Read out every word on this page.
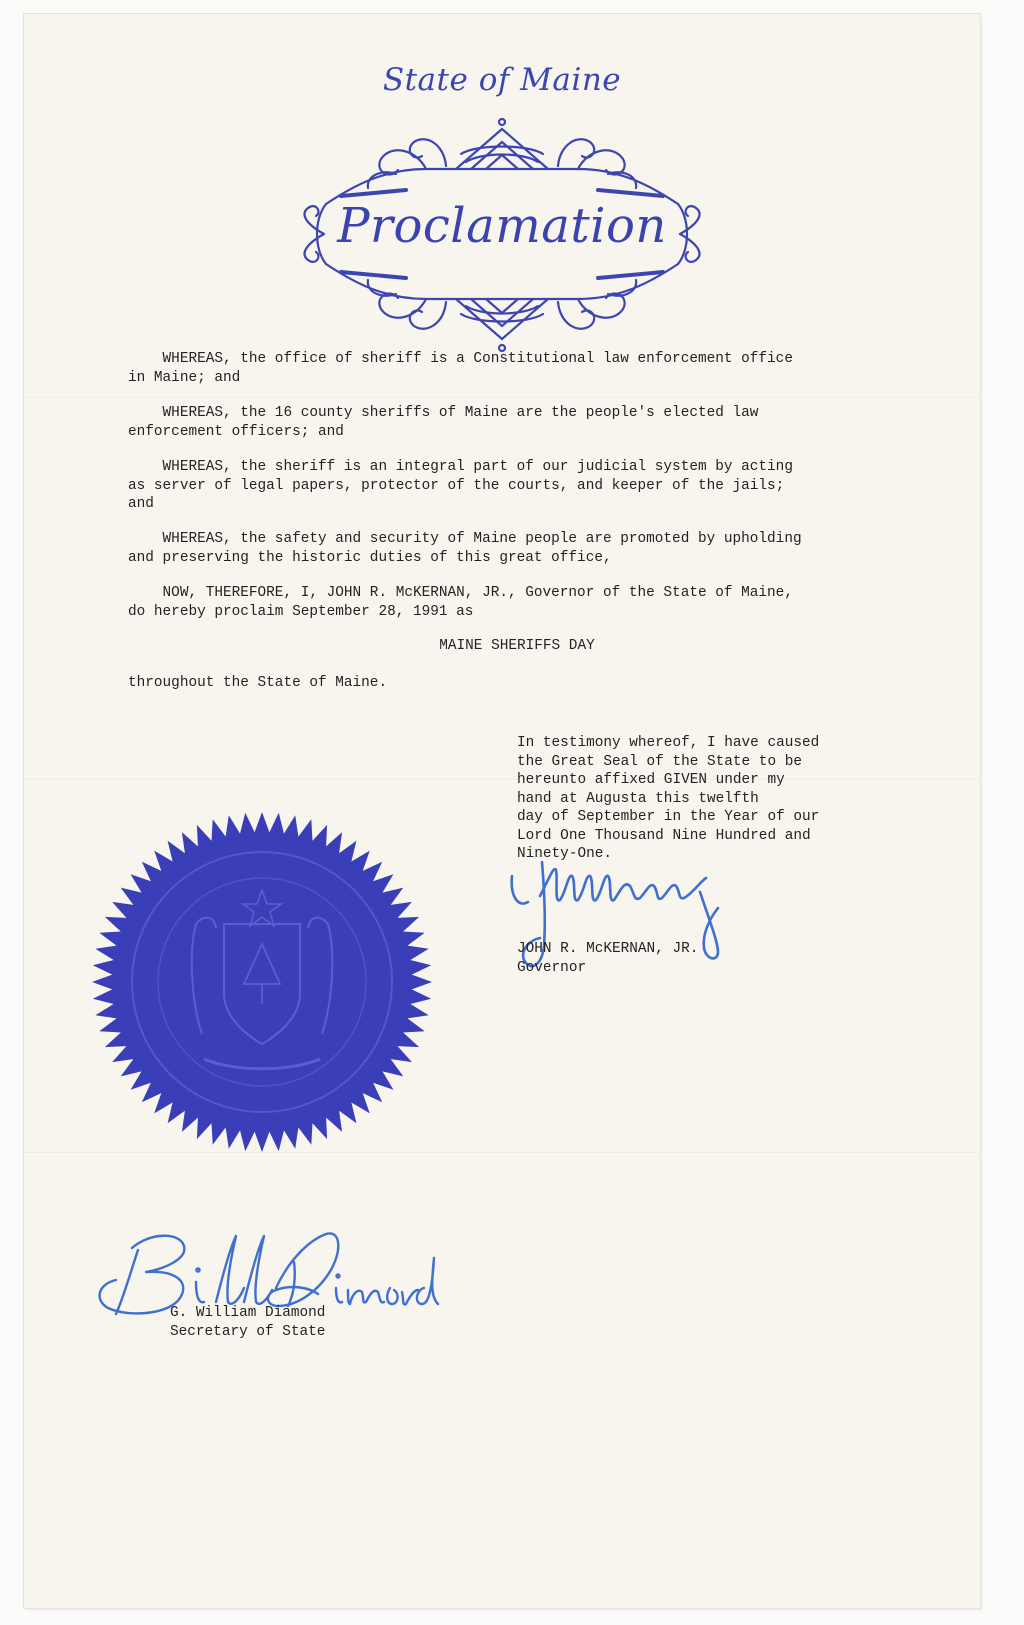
State of Maine
Proclamation
WHEREAS, the office of sheriff is a Constitutional law enforcement office
in Maine; and
WHEREAS, the 16 county sheriffs of Maine are the people's elected law
enforcement officers; and
WHEREAS, the sheriff is an integral part of our judicial system by acting
as server of legal papers, protector of the courts, and keeper of the jails;
and
WHEREAS, the safety and security of Maine people are promoted by upholding
and preserving the historic duties of this great office,
NOW, THEREFORE, I, JOHN R. McKERNAN, JR., Governor of the State of Maine,
do hereby proclaim September 28, 1991 as
MAINE SHERIFFS DAY
throughout the State of Maine.
In testimony whereof, I have caused
the Great Seal of the State to be
hereunto affixed GIVEN under my
hand at Augusta this twelfth
day of September in the Year of our
Lord One Thousand Nine Hundred and
Ninety-One.
JOHN R. McKERNAN, JR.
Governor
G. William Diamond
Secretary of State
